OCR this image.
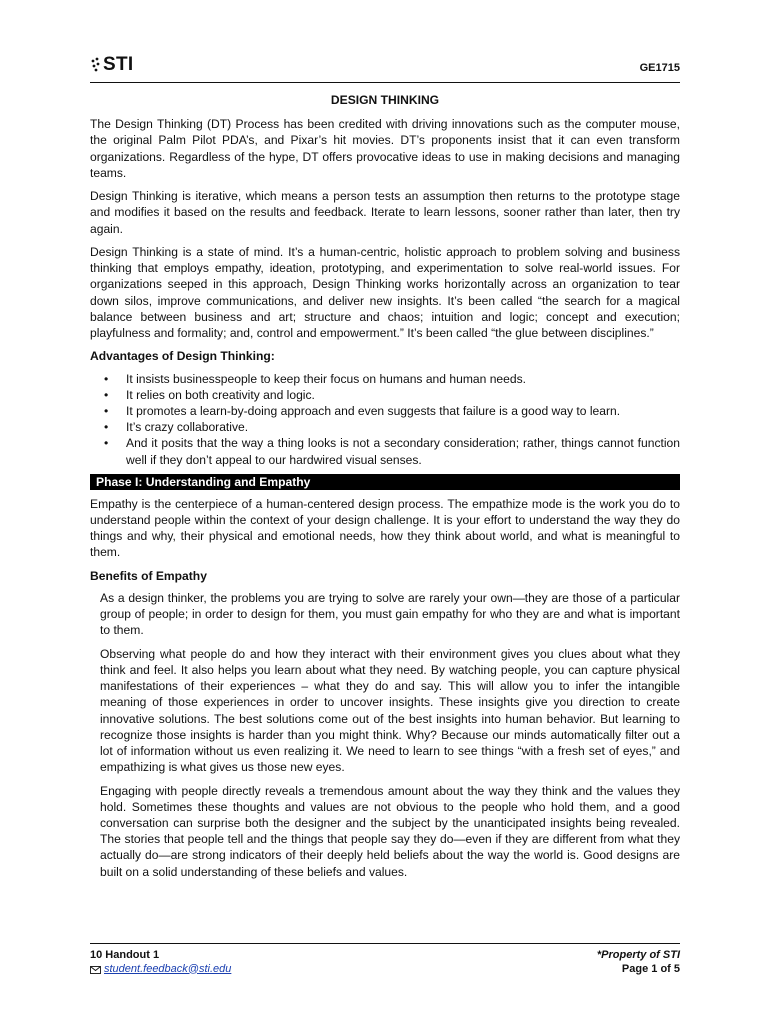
STI	GE1715
DESIGN THINKING

The Design Thinking (DT) Process has been credited with driving innovations such as the computer mouse, the original Palm Pilot PDA’s, and Pixar’s hit movies. DT’s proponents insist that it can even transform organizations. Regardless of the hype, DT offers provocative ideas to use in making decisions and managing teams.

Design Thinking is iterative, which means a person tests an assumption then returns to the prototype stage and modifies it based on the results and feedback. Iterate to learn lessons, sooner rather than later, then try again.

Design Thinking is a state of mind. It’s a human-centric, holistic approach to problem solving and business thinking that employs empathy, ideation, prototyping, and experimentation to solve real-world issues. For organizations seeped in this approach, Design Thinking works horizontally across an organization to tear down silos, improve communications, and deliver new insights. It’s been called “the search for a magical balance between business and art; structure and chaos; intuition and logic; concept and execution; playfulness and formality; and, control and empowerment.” It’s been called “the glue between disciplines.”

Advantages of Design Thinking:
• It insists businesspeople to keep their focus on humans and human needs.
• It relies on both creativity and logic.
• It promotes a learn-by-doing approach and even suggests that failure is a good way to learn.
• It’s crazy collaborative.
• And it posits that the way a thing looks is not a secondary consideration; rather, things cannot function well if they don’t appeal to our hardwired visual senses.
Phase I: Understanding and Empathy

Empathy is the centerpiece of a human-centered design process. The empathize mode is the work you do to understand people within the context of your design challenge. It is your effort to understand the way they do things and why, their physical and emotional needs, how they think about world, and what is meaningful to them.

Benefits of Empathy

As a design thinker, the problems you are trying to solve are rarely your own—they are those of a particular group of people; in order to design for them, you must gain empathy for who they are and what is important to them.

Observing what people do and how they interact with their environment gives you clues about what they think and feel. It also helps you learn about what they need. By watching people, you can capture physical manifestations of their experiences – what they do and say. This will allow you to infer the intangible meaning of those experiences in order to uncover insights. These insights give you direction to create innovative solutions. The best solutions come out of the best insights into human behavior. But learning to recognize those insights is harder than you might think. Why? Because our minds automatically filter out a lot of information without us even realizing it. We need to learn to see things “with a fresh set of eyes,” and empathizing is what gives us those new eyes.

Engaging with people directly reveals a tremendous amount about the way they think and the values they hold. Sometimes these thoughts and values are not obvious to the people who hold them, and a good conversation can surprise both the designer and the subject by the unanticipated insights being revealed. The stories that people tell and the things that people say they do—even if they are different from what they actually do—are strong indicators of their deeply held beliefs about the way the world is. Good designs are built on a solid understanding of these beliefs and values.

10 Handout 1
student.feedback@sti.edu
*Property of STI
Page 1 of 5
